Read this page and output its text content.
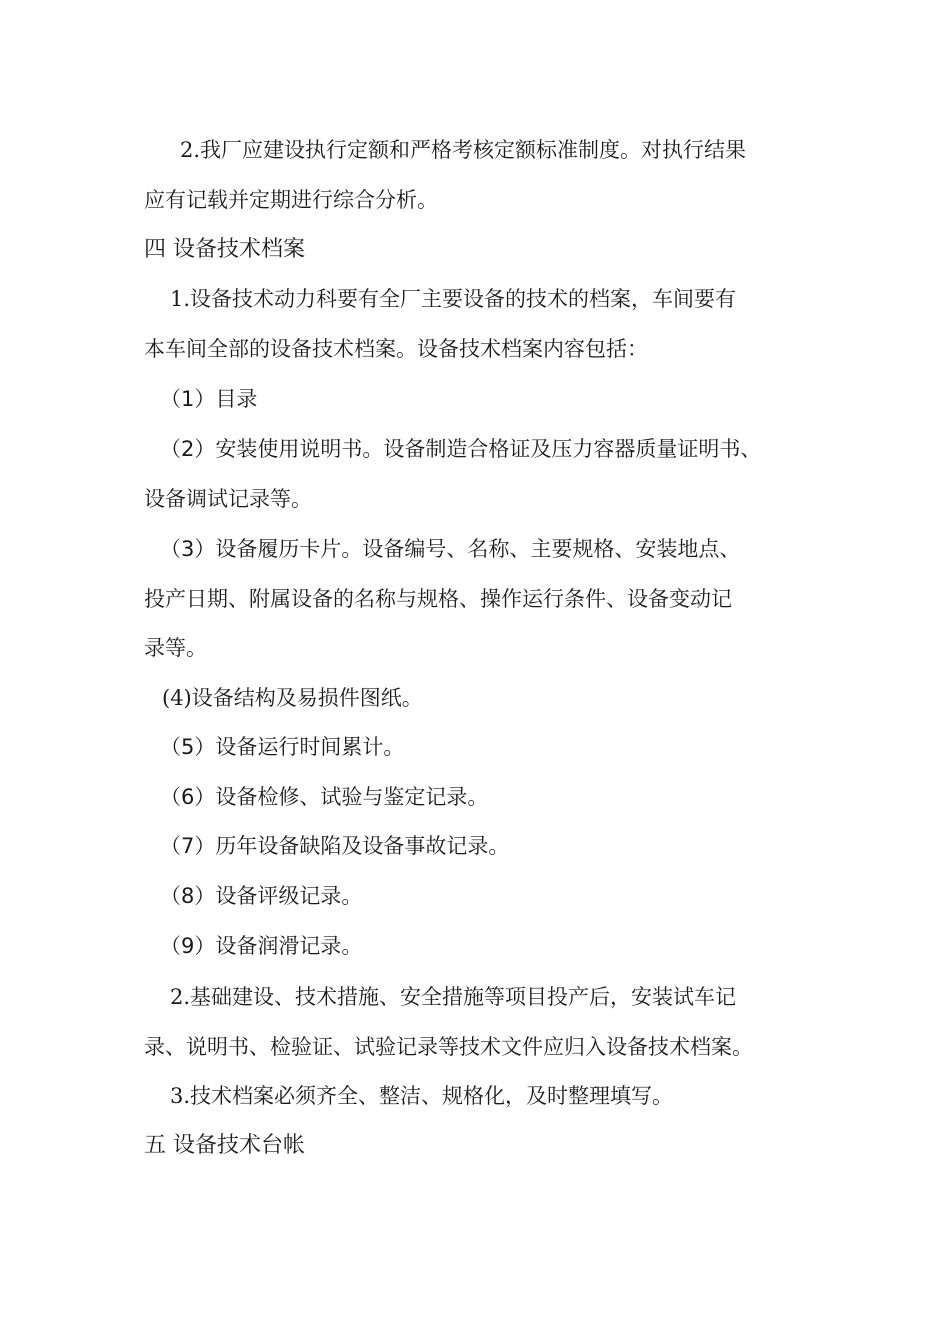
2.我厂应建设执行定额和严格考核定额标准制度。对执行结果

应有记载并定期进行综合分析。

四 设备技术档案

1.设备技术动力科要有全厂主要设备的技术的档案，车间要有

本车间全部的设备技术档案。设备技术档案内容包括：

（1）目录

（2）安装使用说明书。设备制造合格证及压力容器质量证明书、

设备调试记录等。

（3）设备履历卡片。设备编号、名称、主要规格、安装地点、

投产日期、附属设备的名称与规格、操作运行条件、设备变动记

录等。

(4)设备结构及易损件图纸。

（5）设备运行时间累计。

（6）设备检修、试验与鉴定记录。

（7）历年设备缺陷及设备事故记录。

（8）设备评级记录。

（9）设备润滑记录。

2.基础建设、技术措施、安全措施等项目投产后，安装试车记

录、说明书、检验证、试验记录等技术文件应归入设备技术档案。

3.技术档案必须齐全、整洁、规格化，及时整理填写。

五 设备技术台帐
